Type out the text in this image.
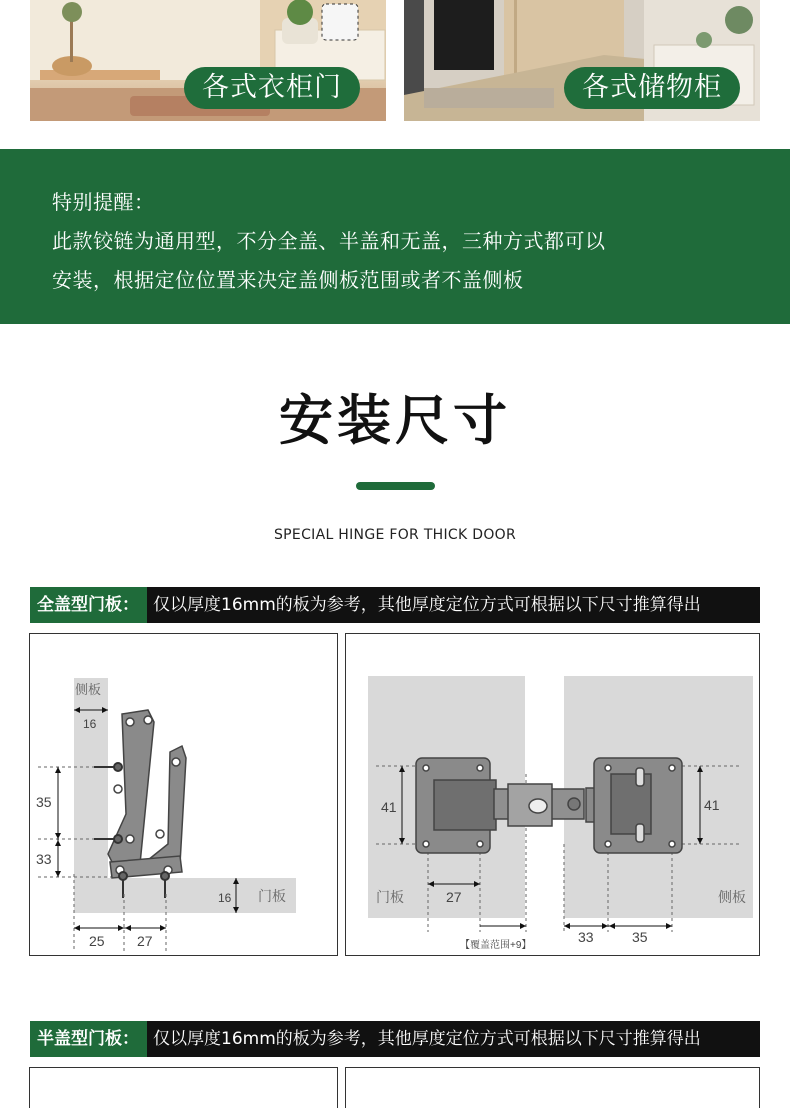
各式衣柜门	各式储物柜

特别提醒：

此款铰链为通用型，不分全盖、半盖和无盖，三种方式都可以

安装，根据定位位置来决定盖侧板范围或者不盖侧板

安装尺寸
SPECIAL HINGE FOR THICK DOOR
全盖型门板： 仅以厚度16mm的板为参考，其他厚度定位方式可根据以下尺寸推算得出
侧板
门板
16
35
33
16
25 27
门板	侧板
41	41
27
【覆盖范围+9】
33	35
半盖型门板： 仅以厚度16mm的板为参考，其他厚度定位方式可根据以下尺寸推算得出
